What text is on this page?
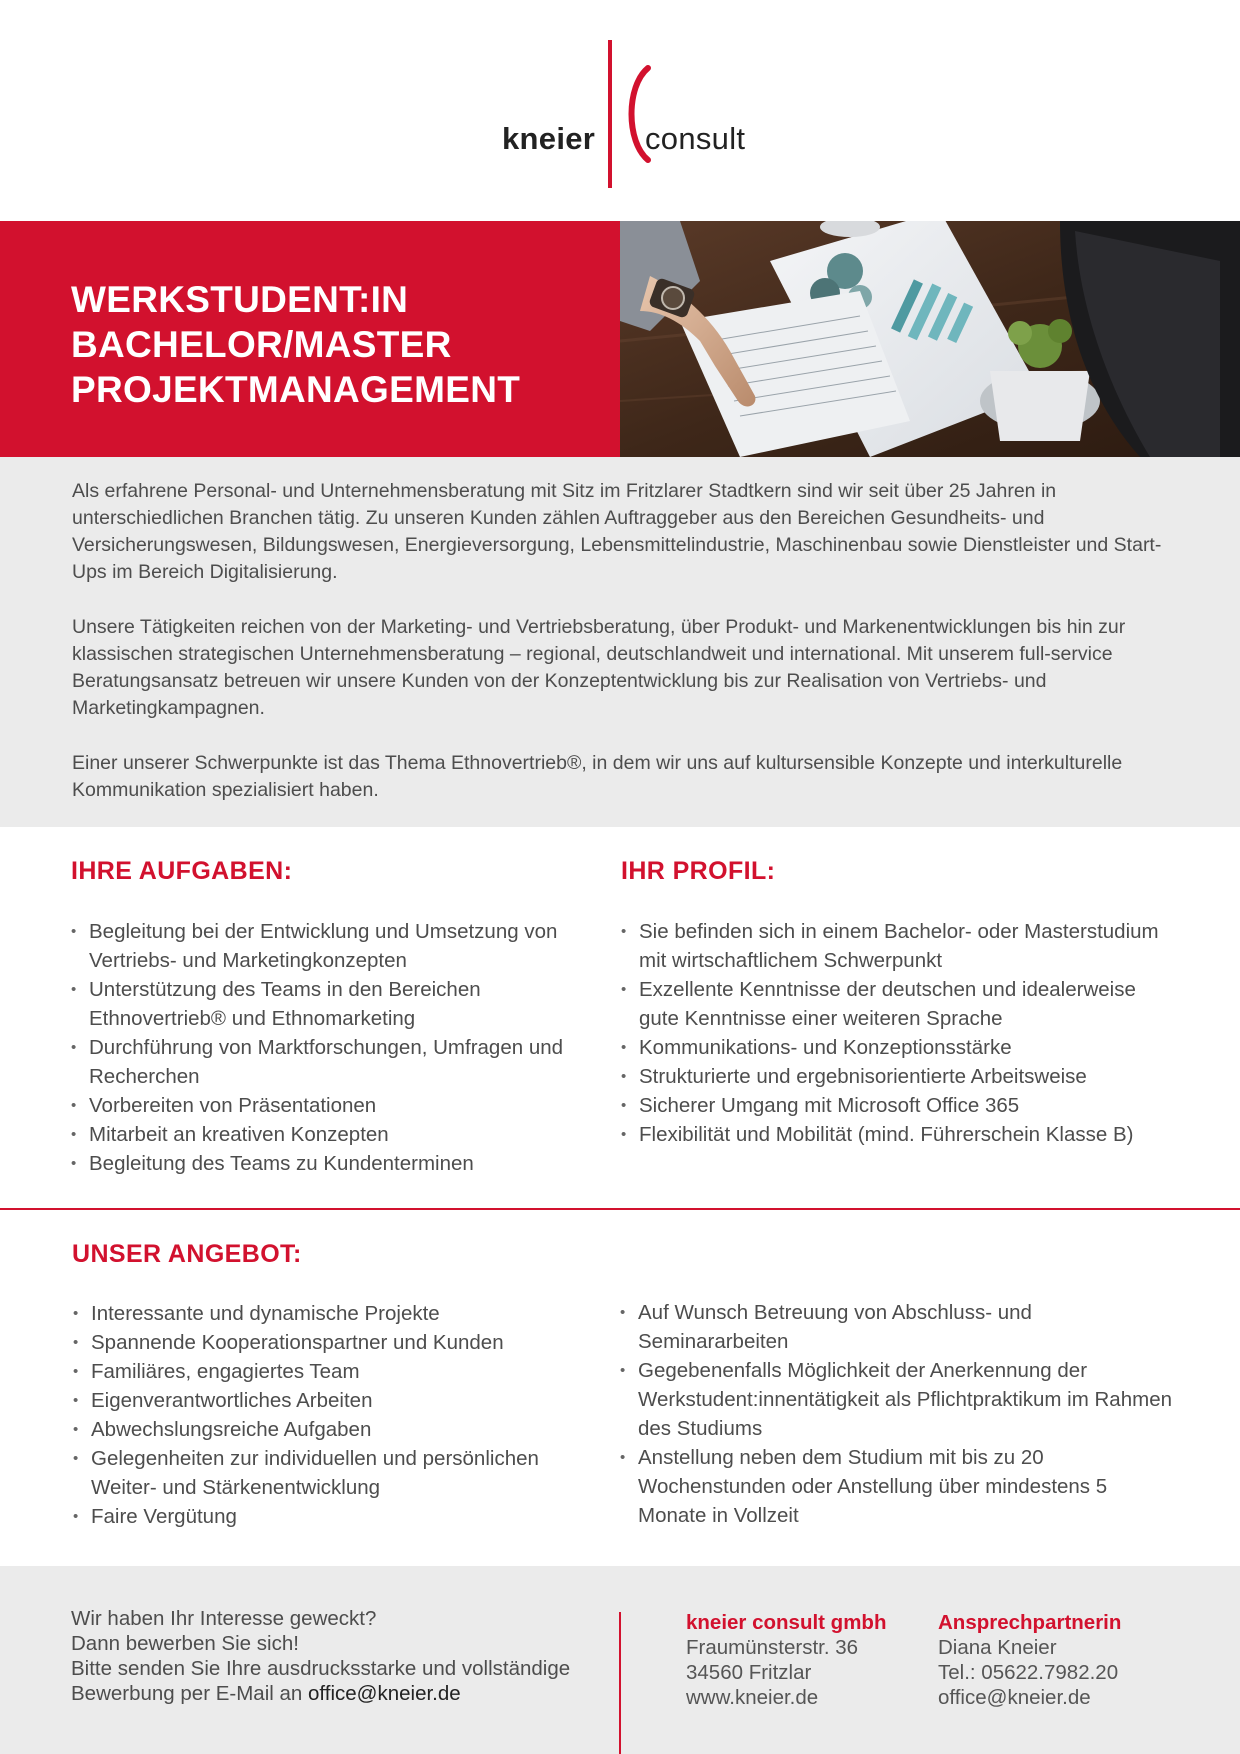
kneier consult
WERKSTUDENT:IN
BACHELOR/MASTER
PROJEKTMANAGEMENT

Als erfahrene Personal- und Unternehmensberatung mit Sitz im Fritzlarer Stadtkern sind wir seit über 25 Jahren in unterschiedlichen Branchen tätig. Zu unseren Kunden zählen Auftraggeber aus den Bereichen Gesundheits- und Versicherungswesen, Bildungswesen, Energieversorgung, Lebensmittelindustrie, Maschinenbau sowie Dienstleister und Start-Ups im Bereich Digitalisierung.

Unsere Tätigkeiten reichen von der Marketing- und Vertriebsberatung, über Produkt- und Markenentwicklungen bis hin zur klassischen strategischen Unternehmensberatung – regional, deutschlandweit und international. Mit unserem full-service Beratungsansatz betreuen wir unsere Kunden von der Konzeptentwicklung bis zur Realisation von Vertriebs- und Marketingkampagnen.

Einer unserer Schwerpunkte ist das Thema Ethnovertrieb®, in dem wir uns auf kultursensible Konzepte und interkulturelle Kommunikation spezialisiert haben.

IHRE AUFGABEN:
• Begleitung bei der Entwicklung und Umsetzung von Vertriebs- und Marketingkonzepten
• Unterstützung des Teams in den Bereichen Ethnovertrieb® und Ethnomarketing
• Durchführung von Marktforschungen, Umfragen und Recherchen
• Vorbereiten von Präsentationen
• Mitarbeit an kreativen Konzepten
• Begleitung des Teams zu Kundenterminen
IHR PROFIL:
• Sie befinden sich in einem Bachelor- oder Masterstudium mit wirtschaftlichem Schwerpunkt
• Exzellente Kenntnisse der deutschen und idealerweise gute Kenntnisse einer weiteren Sprache
• Kommunikations- und Konzeptionsstärke
• Strukturierte und ergebnisorientierte Arbeitsweise
• Sicherer Umgang mit Microsoft Office 365
• Flexibilität und Mobilität (mind. Führerschein Klasse B)
UNSER ANGEBOT:
• Interessante und dynamische Projekte
• Spannende Kooperationspartner und Kunden
• Familiäres, engagiertes Team
• Eigenverantwortliches Arbeiten
• Abwechslungsreiche Aufgaben
• Gelegenheiten zur individuellen und persönlichen Weiter- und Stärkenentwicklung
• Faire Vergütung
• Auf Wunsch Betreuung von Abschluss- und Seminararbeiten
• Gegebenenfalls Möglichkeit der Anerkennung der Werkstudent:innentätigkeit als Pflichtpraktikum im Rahmen des Studiums
• Anstellung neben dem Studium mit bis zu 20 Wochenstunden oder Anstellung über mindestens 5 Monate in Vollzeit
Wir haben Ihr Interesse geweckt?
Dann bewerben Sie sich!
Bitte senden Sie Ihre ausdrucksstarke und vollständige
Bewerbung per E-Mail an office@kneier.de
kneier consult gmbh
Fraumünsterstr. 36
34560 Fritzlar
www.kneier.de
Ansprechpartnerin
Diana Kneier
Tel.: 05622.7982.20
office@kneier.de
